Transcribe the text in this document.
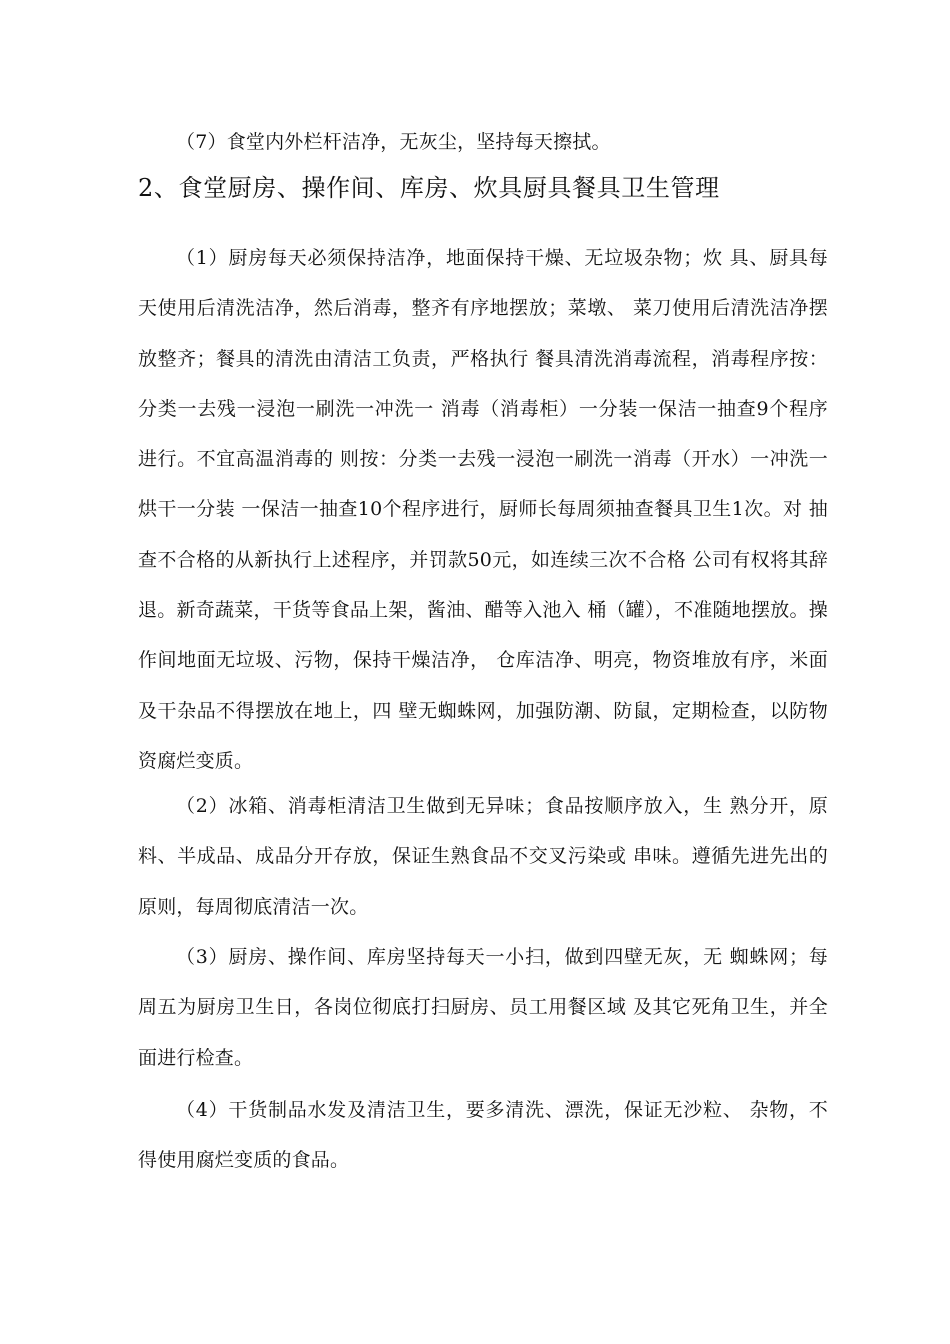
（7）食堂内外栏杆洁净，无灰尘，坚持每天擦拭。

2、食堂厨房、操作间、库房、炊具厨具餐具卫生管理

（1）厨房每天必须保持洁净，地面保持干燥、无垃圾杂物；炊 具、厨具每天使用后清洗洁净，然后消毒，整齐有序地摆放；菜墩、 菜刀使用后清洗洁净摆放整齐；餐具的清洗由清洁工负责，严格执行 餐具清洗消毒流程，消毒程序按：分类一去残一浸泡一刷洗一冲洗一 消毒（消毒柜）一分装一保洁一抽查9个程序进行。不宜高温消毒的 则按：分类一去残一浸泡一刷洗一消毒（开水）一冲洗一烘干一分装 一保洁一抽查10个程序进行，厨师长每周须抽查餐具卫生1次。对 抽查不合格的从新执行上述程序，并罚款50元，如连续三次不合格 公司有权将其辞退。新奇蔬菜，干货等食品上架，酱油、醋等入池入 桶（罐），不准随地摆放。操作间地面无垃圾、污物，保持干燥洁净， 仓库洁净、明亮，物资堆放有序，米面及干杂品不得摆放在地上，四 壁无蜘蛛网，加强防潮、防鼠，定期检查，以防物资腐烂变质。

（2）冰箱、消毒柜清洁卫生做到无异味；食品按顺序放入，生 熟分开，原料、半成品、成品分开存放，保证生熟食品不交叉污染或 串味。遵循先进先出的原则，每周彻底清洁一次。

（3）厨房、操作间、库房坚持每天一小扫，做到四壁无灰，无 蜘蛛网；每周五为厨房卫生日，各岗位彻底打扫厨房、员工用餐区域 及其它死角卫生，并全面进行检查。

（4）干货制品水发及清洁卫生，要多清洗、漂洗，保证无沙粒、 杂物，不得使用腐烂变质的食品。
